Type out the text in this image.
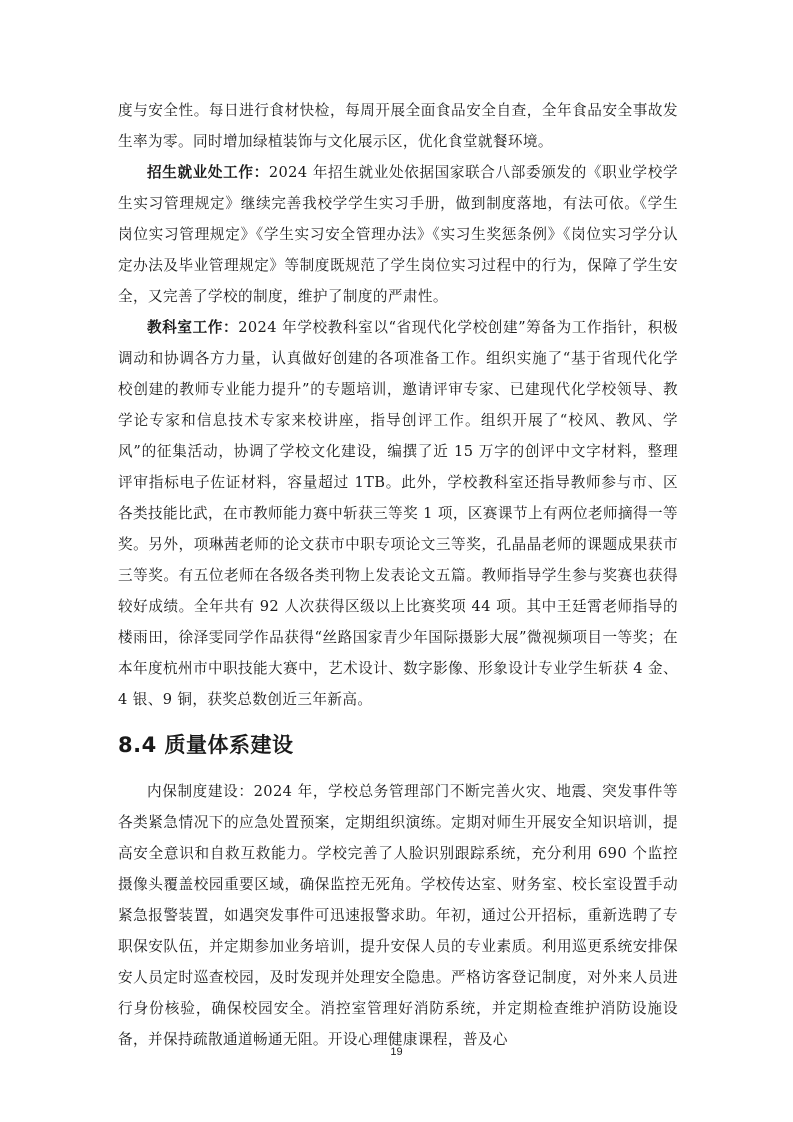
度与安全性。每日进行食材快检，每周开展全面食品安全自查，全年食品安全事故发生率为零。同时增加绿植装饰与文化展示区，优化食堂就餐环境。

招生就业处工作：2024 年招生就业处依据国家联合八部委颁发的《职业学校学生实习管理规定》继续完善我校学学生实习手册，做到制度落地，有法可依。《学生岗位实习管理规定》《学生实习安全管理办法》《实习生奖惩条例》《岗位实习学分认定办法及毕业管理规定》等制度既规范了学生岗位实习过程中的行为，保障了学生安全，又完善了学校的制度，维护了制度的严肃性。

教科室工作：2024 年学校教科室以“省现代化学校创建”筹备为工作指针，积极调动和协调各方力量，认真做好创建的各项准备工作。组织实施了“基于省现代化学校创建的教师专业能力提升”的专题培训，邀请评审专家、已建现代化学校领导、教学论专家和信息技术专家来校讲座，指导创评工作。组织开展了“校风、教风、学风”的征集活动，协调了学校文化建设，编撰了近 15 万字的创评中文字材料，整理评审指标电子佐证材料，容量超过 1TB。此外，学校教科室还指导教师参与市、区各类技能比武，在市教师能力赛中斩获三等奖 1 项，区赛课节上有两位老师摘得一等奖。另外，项琳茜老师的论文获市中职专项论文三等奖，孔晶晶老师的课题成果获市三等奖。有五位老师在各级各类刊物上发表论文五篇。教师指导学生参与奖赛也获得较好成绩。全年共有 92 人次获得区级以上比赛奖项 44 项。其中王廷霄老师指导的楼雨田，徐泽雯同学作品获得“丝路国家青少年国际摄影大展”微视频项目一等奖；在本年度杭州市中职技能大赛中，艺术设计、数字影像、形象设计专业学生斩获 4 金、4 银、9 铜，获奖总数创近三年新高。

8.4 质量体系建设

内保制度建设：2024 年，学校总务管理部门不断完善火灾、地震、突发事件等各类紧急情况下的应急处置预案，定期组织演练。定期对师生开展安全知识培训，提高安全意识和自救互救能力。学校完善了人脸识别跟踪系统，充分利用 690 个监控摄像头覆盖校园重要区域，确保监控无死角。学校传达室、财务室、校长室设置手动紧急报警装置，如遇突发事件可迅速报警求助。年初，通过公开招标，重新选聘了专职保安队伍，并定期参加业务培训，提升安保人员的专业素质。利用巡更系统安排保安人员定时巡查校园，及时发现并处理安全隐患。严格访客登记制度，对外来人员进行身份核验，确保校园安全。消控室管理好消防系统，并定期检查维护消防设施设备，并保持疏散通道畅通无阻。开设心理健康课程，普及心

19
